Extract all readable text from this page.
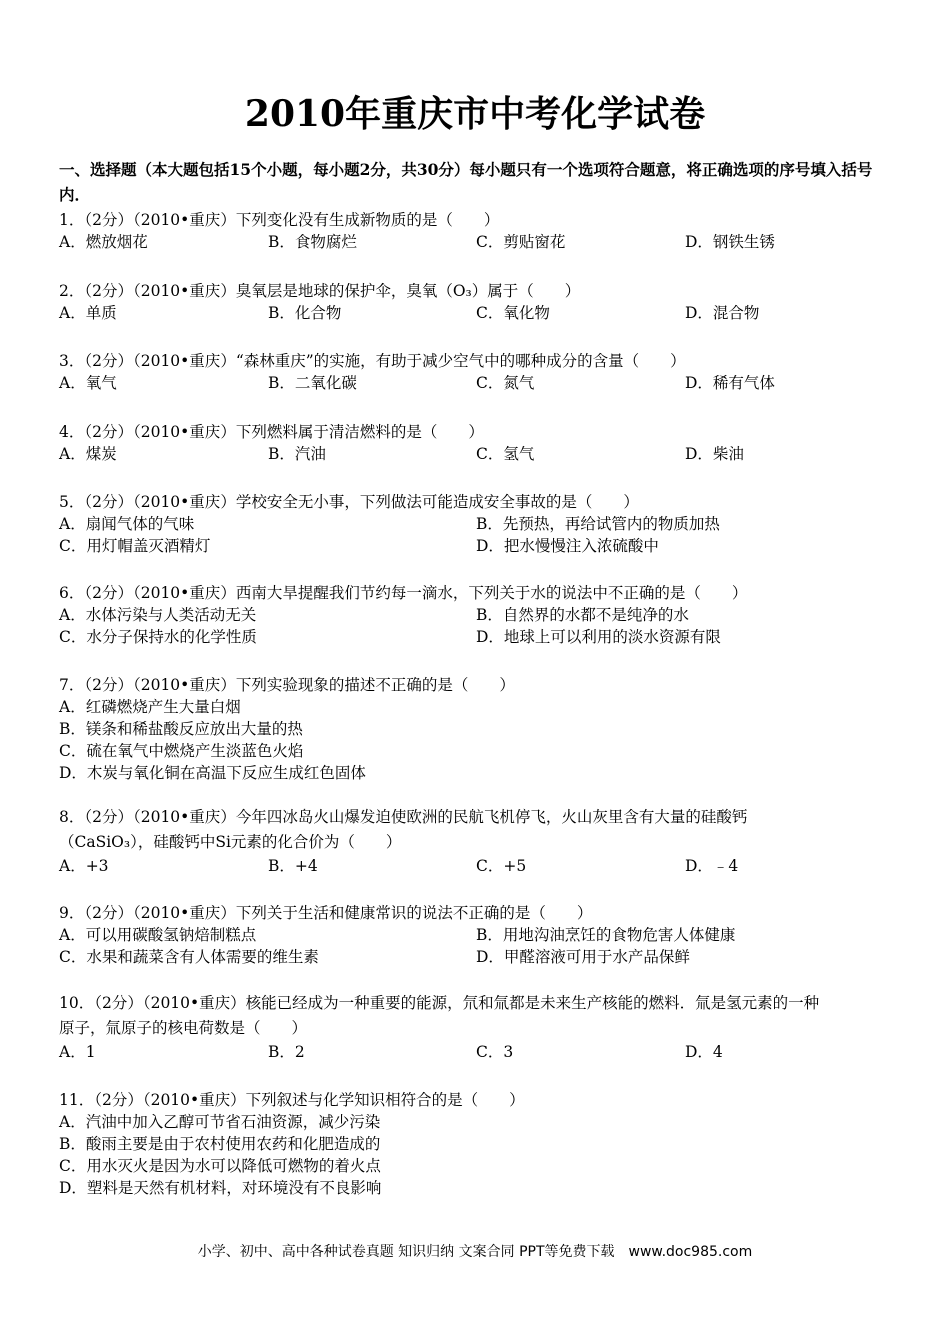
2010年重庆市中考化学试卷
一、选择题（本大题包括15个小题，每小题2分，共30分）每小题只有一个选项符合题意，将正确选项的序号填入括号内．
1．（2分）（2010•重庆）下列变化没有生成新物质的是（　　）
A．燃放烟花	B．食物腐烂	C．剪贴窗花	D．钢铁生锈
2．（2分）（2010•重庆）臭氧层是地球的保护伞，臭氧（O₃）属于（　　）
A．单质	B．化合物	C．氧化物	D．混合物
3．（2分）（2010•重庆）“森林重庆”的实施，有助于减少空气中的哪种成分的含量（　　）
A．氧气	B．二氧化碳	C．氮气	D．稀有气体
4．（2分）（2010•重庆）下列燃料属于清洁燃料的是（　　）
A．煤炭	B．汽油	C．氢气	D．柴油
5．（2分）（2010•重庆）学校安全无小事，下列做法可能造成安全事故的是（　　）
A．扇闻气体的气味	B．先预热，再给试管内的物质加热
C．用灯帽盖灭酒精灯	D．把水慢慢注入浓硫酸中
6．（2分）（2010•重庆）西南大旱提醒我们节约每一滴水，下列关于水的说法中不正确的是（　　）
A．水体污染与人类活动无关	B．自然界的水都不是纯净的水
C．水分子保持水的化学性质	D．地球上可以利用的淡水资源有限
7．（2分）（2010•重庆）下列实验现象的描述不正确的是（　　）
A．红磷燃烧产生大量白烟
B．镁条和稀盐酸反应放出大量的热
C．硫在氧气中燃烧产生淡蓝色火焰
D．木炭与氧化铜在高温下反应生成红色固体
8．（2分）（2010•重庆）今年四冰岛火山爆发迫使欧洲的民航飞机停飞，火山灰里含有大量的硅酸钙
（CaSiO₃），硅酸钙中Si元素的化合价为（　　）
A．+3	B．+4	C．+5	D．﹣4
9．（2分）（2010•重庆）下列关于生活和健康常识的说法不正确的是（　　）
A．可以用碳酸氢钠焙制糕点	B．用地沟油烹饪的食物危害人体健康
C．水果和蔬菜含有人体需要的维生素	D．甲醛溶液可用于水产品保鲜
10．（2分）（2010•重庆）核能已经成为一种重要的能源，氘和氚都是未来生产核能的燃料．氚是氢元素的一种
原子，氚原子的核电荷数是（　　）
A．1	B．2	C．3	D．4
11．（2分）（2010•重庆）下列叙述与化学知识相符合的是（　　）
A．汽油中加入乙醇可节省石油资源，减少污染
B．酸雨主要是由于农村使用农药和化肥造成的
C．用水灭火是因为水可以降低可燃物的着火点
D．塑料是天然有机材料，对环境没有不良影响
小学、初中、高中各种试卷真题 知识归纳 文案合同 PPT等免费下载　www.doc985.com
